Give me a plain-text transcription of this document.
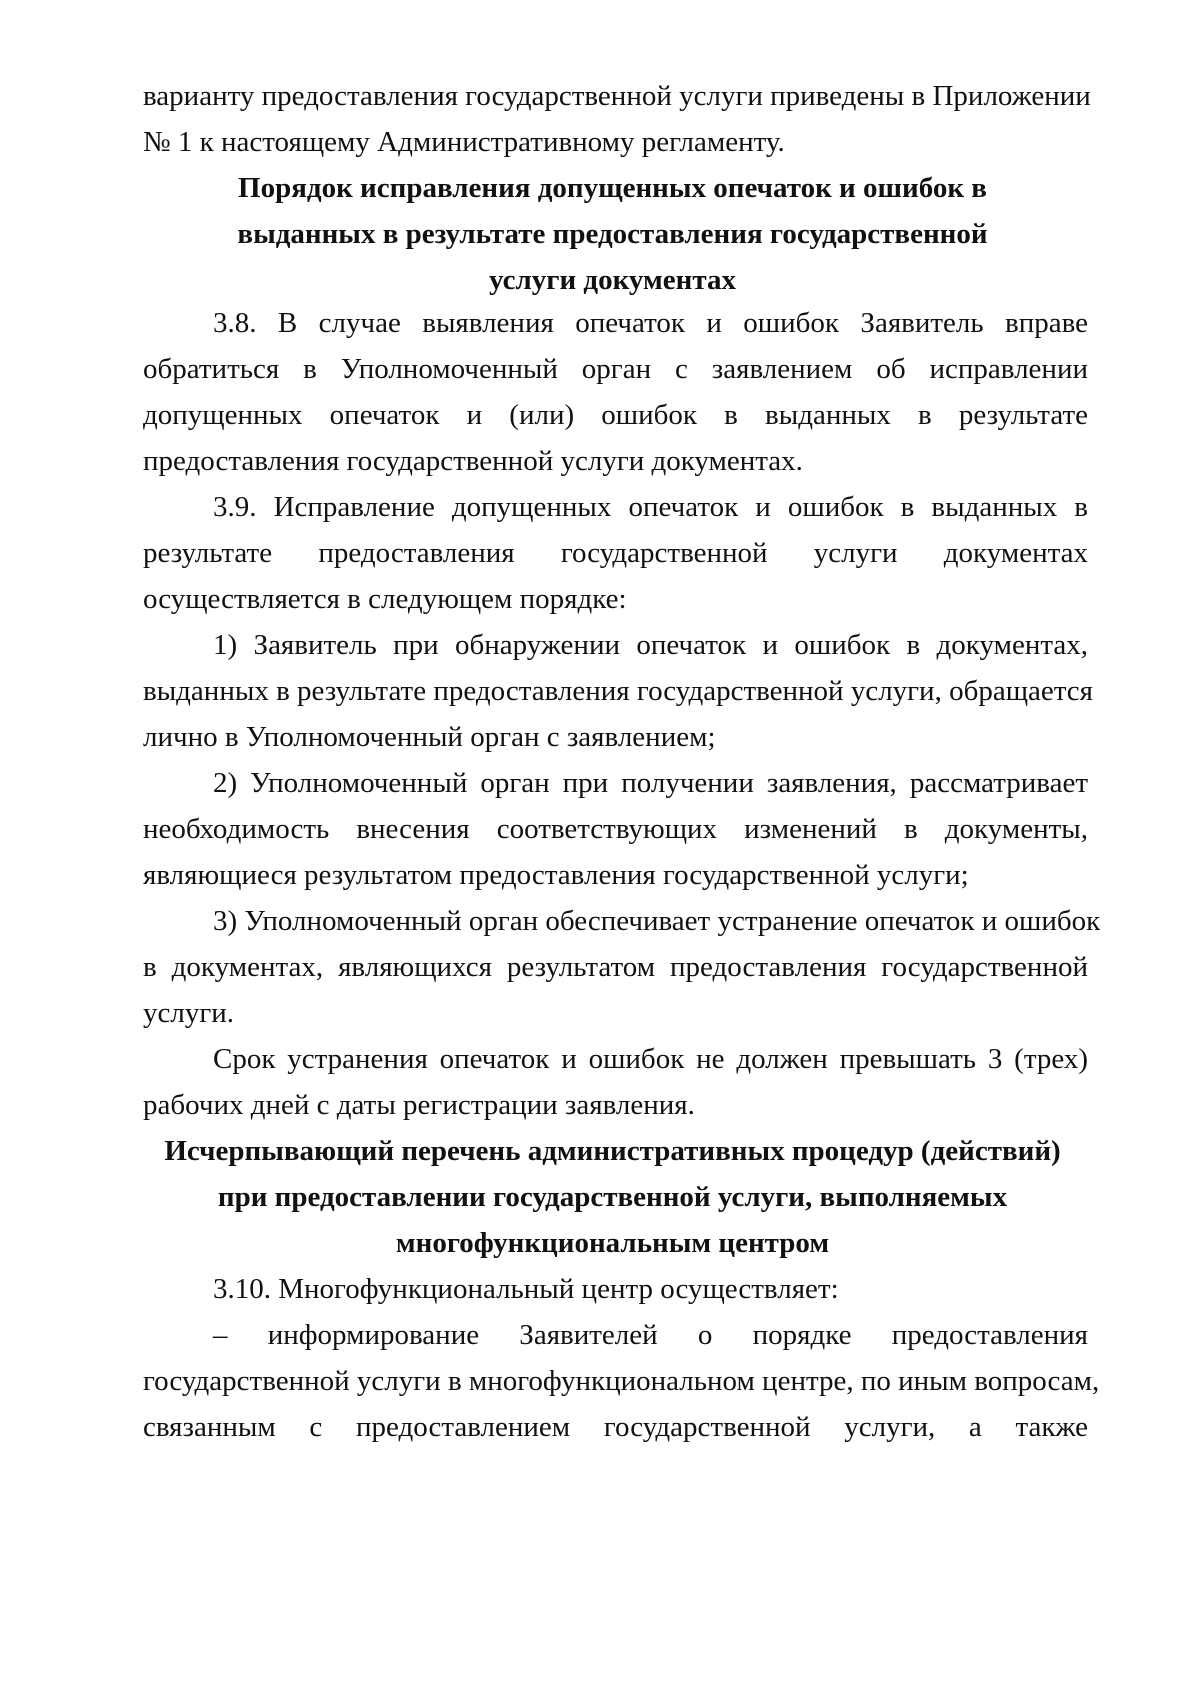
варианту предоставления государственной услуги приведены в Приложении
№ 1 к настоящему Административному регламенту.
Порядок исправления допущенных опечаток и ошибок в
выданных в результате предоставления государственной
услуги документах
3.8. В случае выявления опечаток и ошибок Заявитель вправе
обратиться в Уполномоченный орган с заявлением об исправлении
допущенных опечаток и (или) ошибок в выданных в результате
предоставления государственной услуги документах.
3.9. Исправление допущенных опечаток и ошибок в выданных в
результате предоставления государственной услуги документах
осуществляется в следующем порядке:
1) Заявитель при обнаружении опечаток и ошибок в документах,
выданных в результате предоставления государственной услуги, обращается
лично в Уполномоченный орган с заявлением;
2) Уполномоченный орган при получении заявления, рассматривает
необходимость внесения соответствующих изменений в документы,
являющиеся результатом предоставления государственной услуги;
3) Уполномоченный орган обеспечивает устранение опечаток и ошибок
в документах, являющихся результатом предоставления государственной
услуги.
Срок устранения опечаток и ошибок не должен превышать 3 (трех)
рабочих дней с даты регистрации заявления.
Исчерпывающий перечень административных процедур (действий)
при предоставлении государственной услуги, выполняемых
многофункциональным центром
3.10. Многофункциональный центр осуществляет:
– информирование Заявителей о порядке предоставления
государственной услуги в многофункциональном центре, по иным вопросам,
связанным с предоставлением государственной услуги, а также
